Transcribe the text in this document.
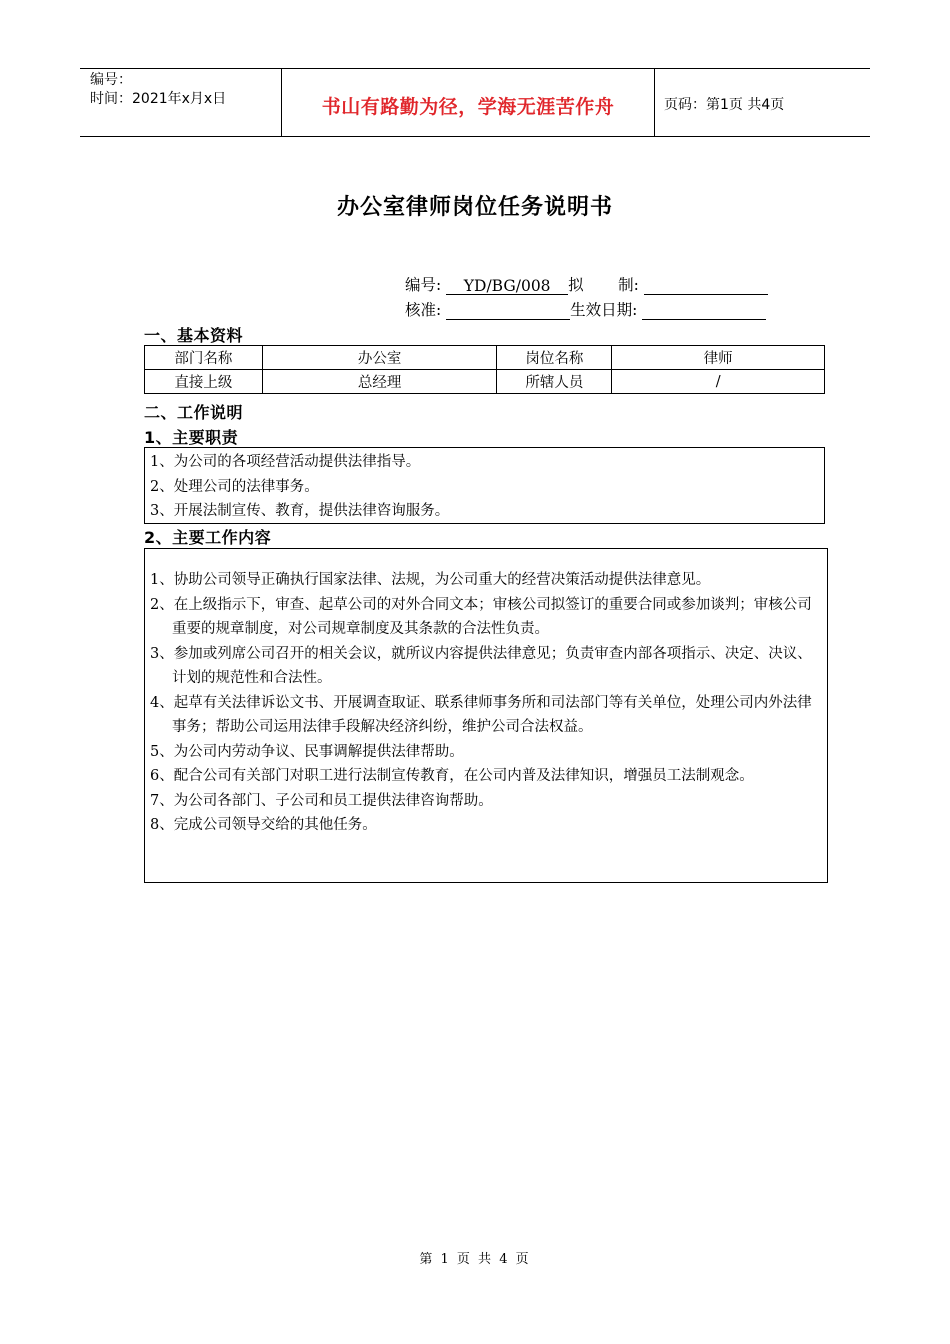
编号：
时间：2021年x月x日	书山有路勤为径，学海无涯苦作舟	页码：第1页 共4页
办公室律师岗位任务说明书
编号: YD/BG/008 拟       制:
核准:	生效日期:
一、基本资料
部门名称	办公室	岗位名称	律师
直接上级	总经理	所辖人员	/
二、工作说明
1、主要职责
1、为公司的各项经营活动提供法律指导。
2、处理公司的法律事务。
3、开展法制宣传、教育，提供法律咨询服务。
2、主要工作内容
1、协助公司领导正确执行国家法律、法规，为公司重大的经营决策活动提供法律意见。
2、在上级指示下，审查、起草公司的对外合同文本；审核公司拟签订的重要合同或参加谈判；审核公司重要的规章制度，对公司规章制度及其条款的合法性负责。
3、参加或列席公司召开的相关会议，就所议内容提供法律意见；负责审查内部各项指示、决定、决议、计划的规范性和合法性。
4、起草有关法律诉讼文书、开展调查取证、联系律师事务所和司法部门等有关单位，处理公司内外法律事务；帮助公司运用法律手段解决经济纠纷，维护公司合法权益。
5、为公司内劳动争议、民事调解提供法律帮助。
6、配合公司有关部门对职工进行法制宣传教育，在公司内普及法律知识，增强员工法制观念。
7、为公司各部门、子公司和员工提供法律咨询帮助。
8、完成公司领导交给的其他任务。
第 1 页 共 4 页
